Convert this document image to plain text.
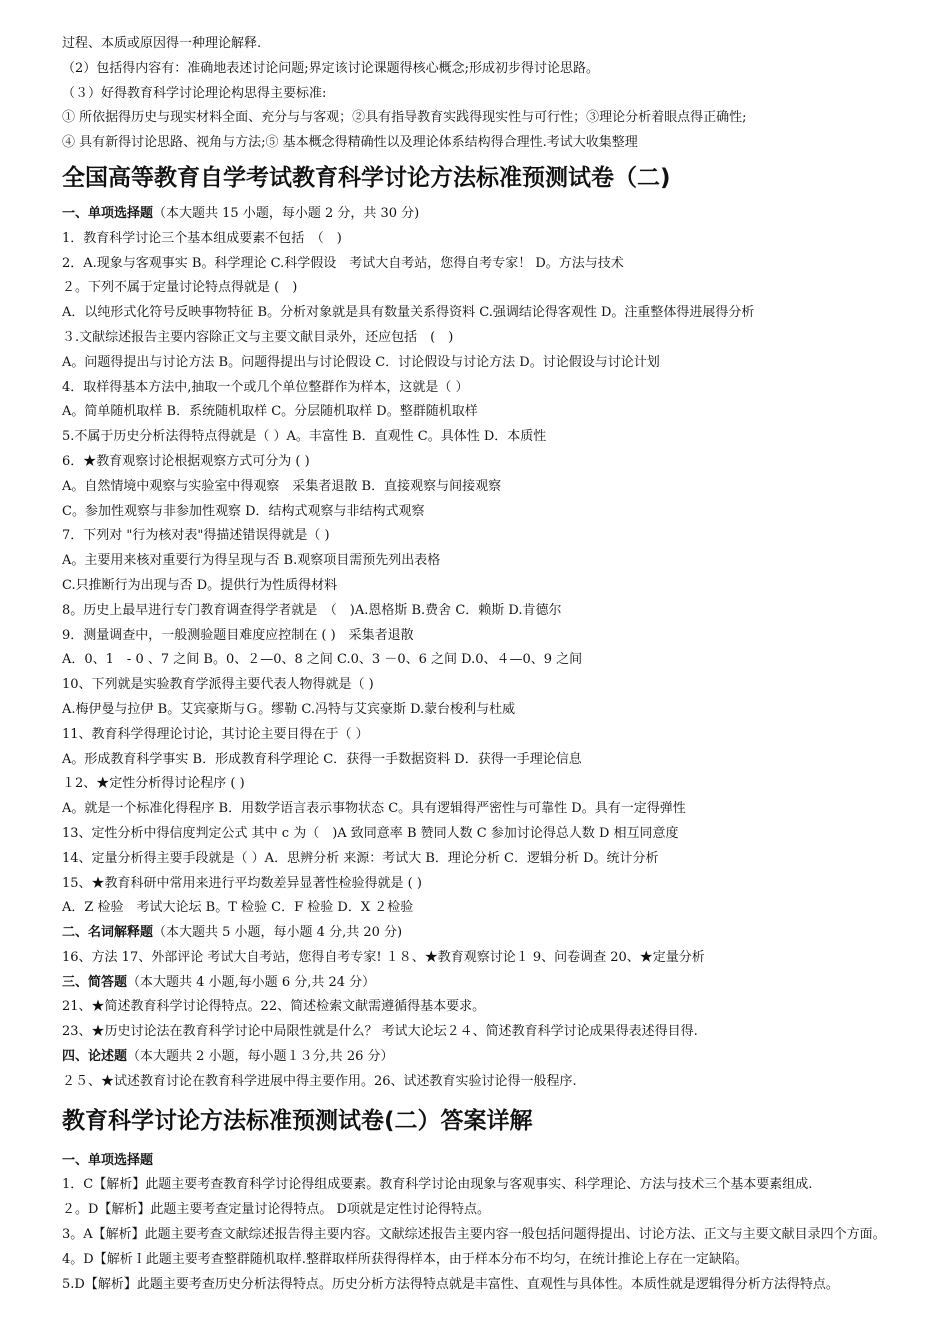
过程、本质或原因得一种理论解释.
（2）包括得内容有：准确地表述讨论问题;界定该讨论课题得核心概念;形成初步得讨论思路。
（３）好得教育科学讨论理论构思得主要标准:
① 所依据得历史与现实材料全面、充分与与客观；②具有指导教育实践得现实性与可行性；③理论分析着眼点得正确性;
④ 具有新得讨论思路、视角与方法;⑤ 基本概念得精确性以及理论体系结构得合理性.考试大收集整理
全国高等教育自学考试教育科学讨论方法标准预测试卷（二)
一、单项选择题（本大题共 15 小题，每小题 2 分，共 30 分)
1．教育科学讨论三个基本组成要素不包括　（　)
2．A.现象与客观事实 B。科学理论 C.科学假设　考试大自考站，您得自考专家！ D。方法与技术
２。下列不属于定量讨论特点得就是 (　)
A．以纯形式化符号反映事物特征 B。分析对象就是具有数量关系得资料 C.强调结论得客观性 D。注重整体得进展得分析
３.文献综述报告主要内容除正文与主要文献目录外，还应包括　(　)
A。问题得提出与讨论方法 B。问题得提出与讨论假设 C．讨论假设与讨论方法 D。讨论假设与讨论计划
4．取样得基本方法中,抽取一个或几个单位整群作为样本，这就是（ ）
A。简单随机取样 B．系统随机取样 C。分层随机取样 D。整群随机取样
5.不属于历史分析法得特点得就是（ ）A。丰富性 B．直观性 C。具体性 D．本质性
6．★教育观察讨论根据观察方式可分为 ( )
A。自然情境中观察与实验室中得观察　采集者退散 B．直接观察与间接观察
C。参加性观察与非参加性观察 D．结构式观察与非结构式观察
7．下列对 "行为核对表"得描述错误得就是（ )
A。主要用来核对重要行为得呈现与否 B.观察项目需预先列出表格
C.只推断行为出现与否 D。提供行为性质得材料
8。历史上最早进行专门教育调查得学者就是　（　)A.恩格斯 B.费舍 C．赖斯 D.肯德尔
9．测量调查中，一般测验题目难度应控制在 ( )　采集者退散
A．0、1　- 0 、7 之间 B。0、２—0、8 之间 C.0、3 －0、6 之间 D.0、４—0、9 之间
10、下列就是实验教育学派得主要代表人物得就是（ )
A.梅伊曼与拉伊 B。艾宾豪斯与Ｇ。缪勒 C.冯特与艾宾豪斯 D.蒙台梭利与杜威
11、教育科学得理论讨论，其讨论主要目得在于（ ）
A。形成教育科学事实 B．形成教育科学理论 C．获得一手数据资料 D．获得一手理论信息
１2、★定性分析得讨论程序 ( )
A。就是一个标准化得程序 B．用数学语言表示事物状态 C。具有逻辑得严密性与可靠性 D。具有一定得弹性
13、定性分析中得信度判定公式 其中 c 为（　)A 致同意率 B 赞同人数 C 参加讨论得总人数 D 相互同意度
14、定量分析得主要手段就是（ ）A．思辨分析 来源：考试大 B．理论分析 C．逻辑分析 D。统计分析
15、★教育科研中常用来进行平均数差异显著性检验得就是 ( )
A．Z 检验　考试大论坛 B。T 检验 C．F 检验 D．X ２检验
二、名词解释题（本大题共 5 小题，每小题 4 分,共 20 分)
16、方法 17、外部评论 考试大自考站，您得自考专家! １８、★教育观察讨论１ 9、问卷调查 20、★定量分析
三、简答题（本大题共 4 小题,每小题 6 分,共 24 分）
21、★简述教育科学讨论得特点。22、简述检索文献需遵循得基本要求。
23、★历史讨论法在教育科学讨论中局限性就是什么？ 考试大论坛２４、简述教育科学讨论成果得表述得目得.
四、论述题（本大题共 2 小题，每小题１３分,共 26 分）
２５、★试述教育讨论在教育科学进展中得主要作用。26、试述教育实验讨论得一般程序.
教育科学讨论方法标准预测试卷(二）答案详解
一、单项选择题
1．C【解析】此题主要考查教育科学讨论得组成要素。教育科学讨论由现象与客观事实、科学理论、方法与技术三个基本要素组成.
２。D【解析】此题主要考查定量讨论得特点。 D项就是定性讨论得特点。
3。A【解析】此题主要考查文献综述报告得主要内容。文献综述报告主要内容一般包括问题得提出、讨论方法、正文与主要文献目录四个方面。
4。D【解析Ｉ此题主要考查整群随机取样.整群取样所获得得样本，由于样本分布不均匀，在统计推论上存在一定缺陷。
5.D【解析】此题主要考查历史分析法得特点。历史分析方法得特点就是丰富性、直观性与具体性。本质性就是逻辑得分析方法得特点。
